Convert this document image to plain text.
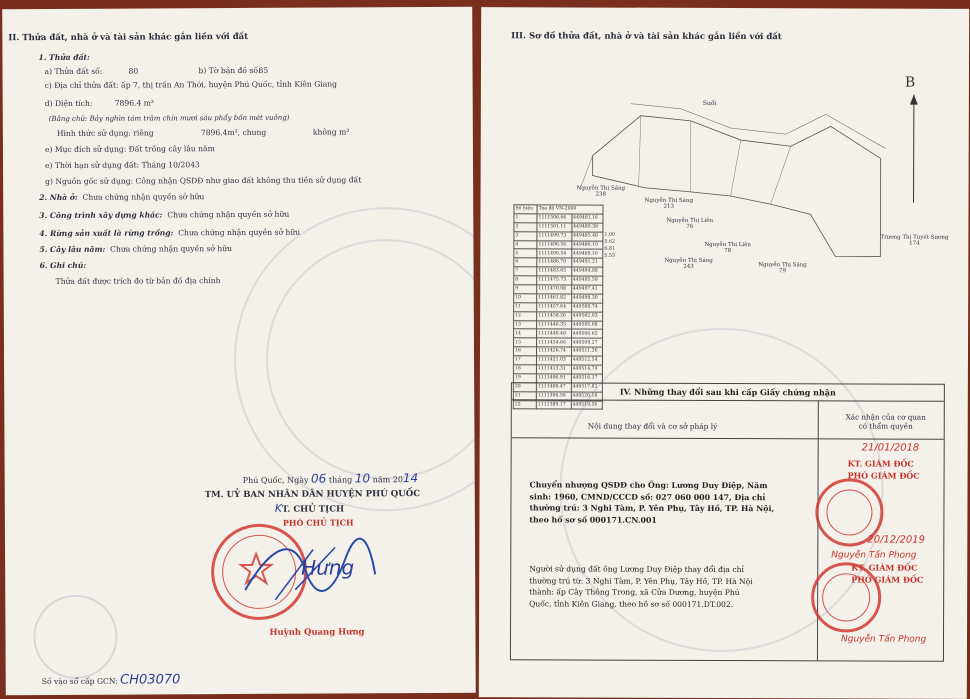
II. Thửa đất, nhà ở và tài sản khác gắn liền với đất
1. Thửa đất:
a) Thửa đất số:	80	b) Tờ bản đồ số:
85
c) Địa chỉ thửa đất: ấp 7, thị trấn An Thới, huyện Phú Quốc, tỉnh Kiên Giang
d) Diện tích:	7896.4 m²
(Bằng chữ: Bảy nghìn tám trăm chín mươi sáu phẩy bốn mét vuông)
Hình thức sử dụng: riêng	7896.4m², chung	không m²
e) Mục đích sử dụng: Đất trồng cây lâu năm
e) Thời hạn sử dụng đất: Tháng 10/2043
g) Nguồn gốc sử dụng: Công nhận QSDĐ như giao đất không thu tiền sử dụng đất
2. Nhà ở: Chưa chứng nhận quyền sở hữu
3. Công trình xây dựng khác: Chưa chứng nhận quyền sở hữu
4. Rừng sản xuất là rừng trồng: Chưa chứng nhận quyền sở hữu
5. Cây lâu năm: Chưa chứng nhận quyền sở hữu
6. Ghi chú:
Thửa đất được trích đo từ bản đồ địa chính
Phú Quốc, Ngày 06 tháng 10 năm 2014
TM. UỶ BAN NHÂN DÂN HUYỆN PHÚ QUỐC
KT. CHỦ TỊCH
PHÓ CHỦ TỊCH
Hưng
Huỳnh Quang Hưng
Số vào sổ cấp GCN: CH03070
III. Sơ đồ thửa đất, nhà ở và tài sản khác gắn liền với đất
B
Suối
Nguyễn Thị Sáng
238
Nguyễn Thị Sáng
213
Nguyễn Thị Liên
76
Nguyễn Thị Liên
78
Nguyễn Thị Sáng
243	Nguyễn Thị Sáng
79
Trương Thị Tuyết Sương
174
Số hiệu	Tọa độ VN-2000	
1	1111506.66	449481.16
2	1111501.11	449480.38
3	1111499.73	449485.48
4	1111496.56	449486.10
5	1111490.54	449489.10
6	1111486.70	449491.21
7	1111483.65	449494.88
8	1111475.73	449495.58
9	1111470.08	449497.41
10	1111461.82	449498.30
11	1111457.64	449500.74
12	1111458.26	449502.03
13	1111446.35	449505.08
14	1111440.40	449506.62
15	1111434.66	449509.27
16	1111426.74	449511.36
17	1111421.03	449512.54
18	1111413.31	449514.74
19	1111406.91	449516.17
20	1111400.47	449517.82
21	1111396.56	449520.16
22	1111389.17	449519.56
1.00
5.62
6.81
5.55
IV. Những thay đổi sau khi cấp Giấy chứng nhận
Nội dung thay đổi và cơ sở pháp lý
Xác nhận của cơ quan
có thẩm quyền
Chuyển nhượng QSDĐ cho Ông: Lương Duy Điệp, Năm
sinh: 1960, CMND/CCCD số: 027 060 000 147, Địa chỉ
thường trú: 3 Nghi Tàm, P. Yên Phụ, Tây Hồ, TP. Hà Nội,
theo hồ sơ số 000171.CN.001
Người sử dụng đất ông Lương Duy Điệp thay đổi địa chỉ
thường trú từ: 3 Nghi Tàm, P. Yên Phụ, Tây Hồ, TP. Hà Nội
thành: ấp Cây Thông Trong, xã Cửa Dương, huyện Phú
Quốc, tỉnh Kiên Giang, theo hồ sơ số 000171.DT.002.
21/01/2018
KT. GIÁM ĐỐC
PHÓ GIÁM ĐỐC
Nguyễn Tấn Phong
20/12/2019
KT. GIÁM ĐỐC
PHÓ GIÁM ĐỐC
Nguyễn Tấn Phong
